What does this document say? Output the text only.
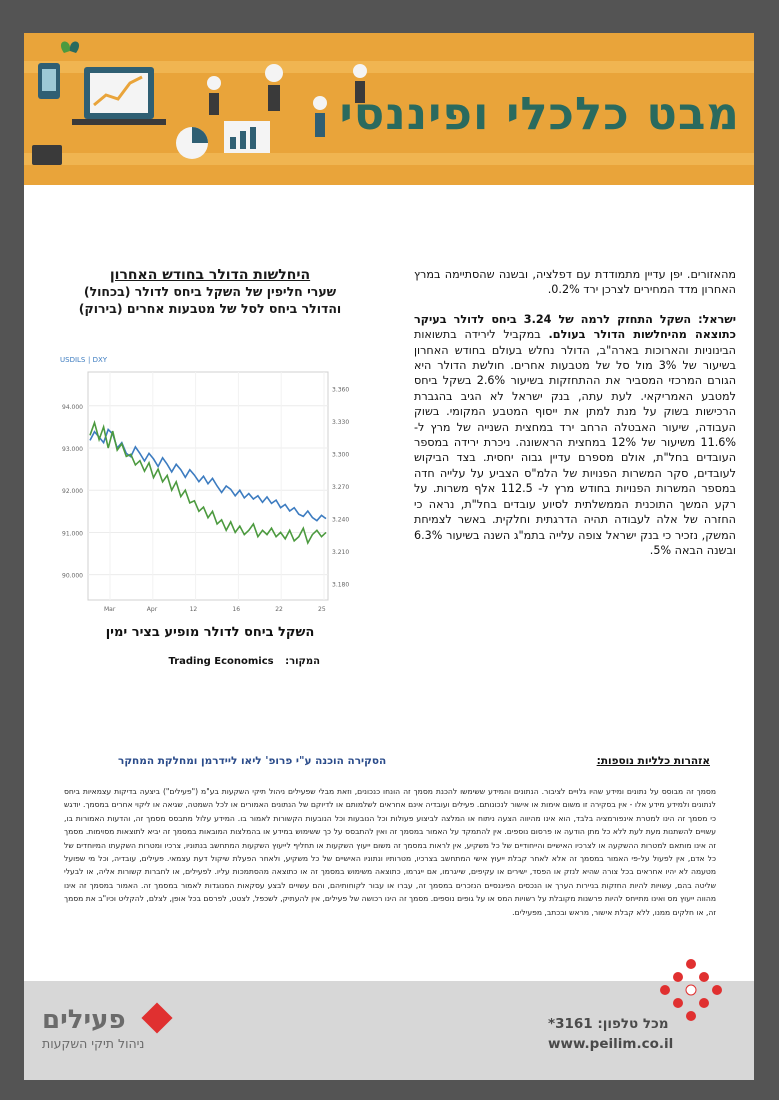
מבט כלכלי ופיננסי

מהאזורים. יפן עדיין מתמודדת עם דפלציה, ובשנה שהסתיימה במרץ האחרון מדד המחירים לצרכן ירד 0.2%.

ישראל: השקל התחזק לרמה של 3.24 ביחס לדולר בעיקר כתוצאה מהיחלשות הדולר בעולם. במקביל לירידה בתשואות הבינוניות והארוכות בארה"ב, הדולר נחלש בעולם בחודש האחרון בשיעור של 3% מול סל של מטבעות אחרים. חולשת הדולר היא הגורם המרכזי המסביר את ההתחזקות בשיעור 2.6% בשקל ביחס למטבע האמריקאי. לעת עתה, בנק ישראל לא הגיב בהגברת הרכישות בשוק על מנת למתן את ייסוף המטבע המקומי. בשוק העבודה, שיעור האבטלה הרחב ירד במחצית השנייה של מרץ ל- 11.6% משיעור של 12% במחצית הראשונה. ניכרת ירידה במספר העובדים בחל"ת, אולם מספרם עדיין גבוה יחסית. בצד הביקוש לעובדים, סקר המשרות הפנויות של הלמ"ס הצביע על עלייה חדה במספר המשרות הפנויות בחודש מרץ ל- 112.5 אלף משרות. על רקע המשך התוכנית הממשלתית לסיוע עובדים בחל"ת, נראה כי החזרה של אלה לעבודה תהיה הדרגתית וחלקית. באשר לצמיחת המשק, נזכיר כי בנק ישראל צופה עלייה בתמ"ג השנה בשיעור 6.3% ובשנה הבאה 5%.

היחלשות הדולר בחודש האחרון
שערי חליפין של השקל ביחס לדולר (בכחול)
והדולר ביחס לסל של מטבעות אחרים (בירוק)
USDILS | DXY
94.000
93.000
92.000
91.000
90.000
3.360
3.330
3.300
3.270
3.240
3.210
3.180
Mar	Apr	12	16	22	25
השקל ביחס לדולר מופיע בציר ימין
המקור: Trading Economics
אזהרות כלליות נוספות:
הסקירה הוכנה ע"י פרופ' ליאו ליידרמן ומחלקת המחקר
מסמך זה מבוסס על נתונים ומידע שהיו גלויים לציבור. הנתונים והמידע ששימשו להכנת מסמך זה הונחו כנכונים, וזאת מבלי שפעילים ניהול תיקי השקעות בע"מ ("פעילים") ביצעה בדיקות עצמאיות ביחס לנתונים ולמידע מידע אלו - אין בסקירה זו משום אימות או אישור לנכונותם. פעילים ועובדיה אינם אחראים לשלמותם או לדיוקם של הנתונים האמורים או לכל השמטה, שגיאה או ליקוי אחרים במסמך. יודגש כי מסמך זה הינו למטרת אינפורמציה בלבד, הוא אינו מהיווה הצעה ניתוח או המלצה לביצוע פעולות וכל הנובעות וכל הנובעות הקשורות לאמור בו. המידע עלול מתבסס מסמך זה, והדעות האמורות בו, עשויים להשתנות מעת לעת ללא כל מתן הודעה או פרסום נוספים. אין להתמקד על האמור במסמך זה ואין להתבסס על כך ששימוש במידע או בהמלצות המובאות במסמך זה יביא לתוצאות מסוימות. מסמך זה אינו מותאם למטרות ההשקעה או לצרכיו האישיים והייחודיים של כל משקיע, אין לראות במסמך זה משום ייעוץ השקעות או תחליף לייעוץ השקעות המתחשב בנתוניו, צרכיו ומטרות השקעתו המיוחדים של כל אדם, אין לפעול על-פי האמור במסמך זה אלא לאחר קבלת ייעוץ אישי המתחשב בצרכיו, מטרותיו ונתוניו האישיים של כל משקיע, ולאחר הפעלת שיקול דעת עצמאי. פעילים, עובדיה, וכל מי שפועל מטעמה לא יהיו אחראים בכל צורה שהיא לנזק או הפסד, ישירים או עקיפים, שייגרמו, אם ייגרמו, כתוצאה משימוש במסמך זה או כתוצאה מהסתמכות עליו. לפעילים, או לחברות קשורות אליה, או לבעלי שליטה בהם, עשויות להיות החזקות בניירות הערך או הנכסים הפיננסיים הנזכרים במסמך זה, עברו או עבור לקוחותיהם, והם עשויים לבצע עסקאות המנוגדות לאמור במסמך זה. האמור במסמך זה אינו מהווה ייעוץ מס ואינו מתייחס להיות פרשנות מקובלת על רשויות המס או על גופים נוספים. מסמך זה הינו רכושה של פעילים, אין להעתיק, לשכפל, לצטט, לפרסם בכל אופן, לצלם, להקליט וכיו"ב את מסמך זה, או חלקים ממנו, ללא קבלת אישור, מראש ובכתב, מפעילים.
פעילים
ניהול תיקי השקעות
מכל טלפון: 3161*
www.peilim.co.il
